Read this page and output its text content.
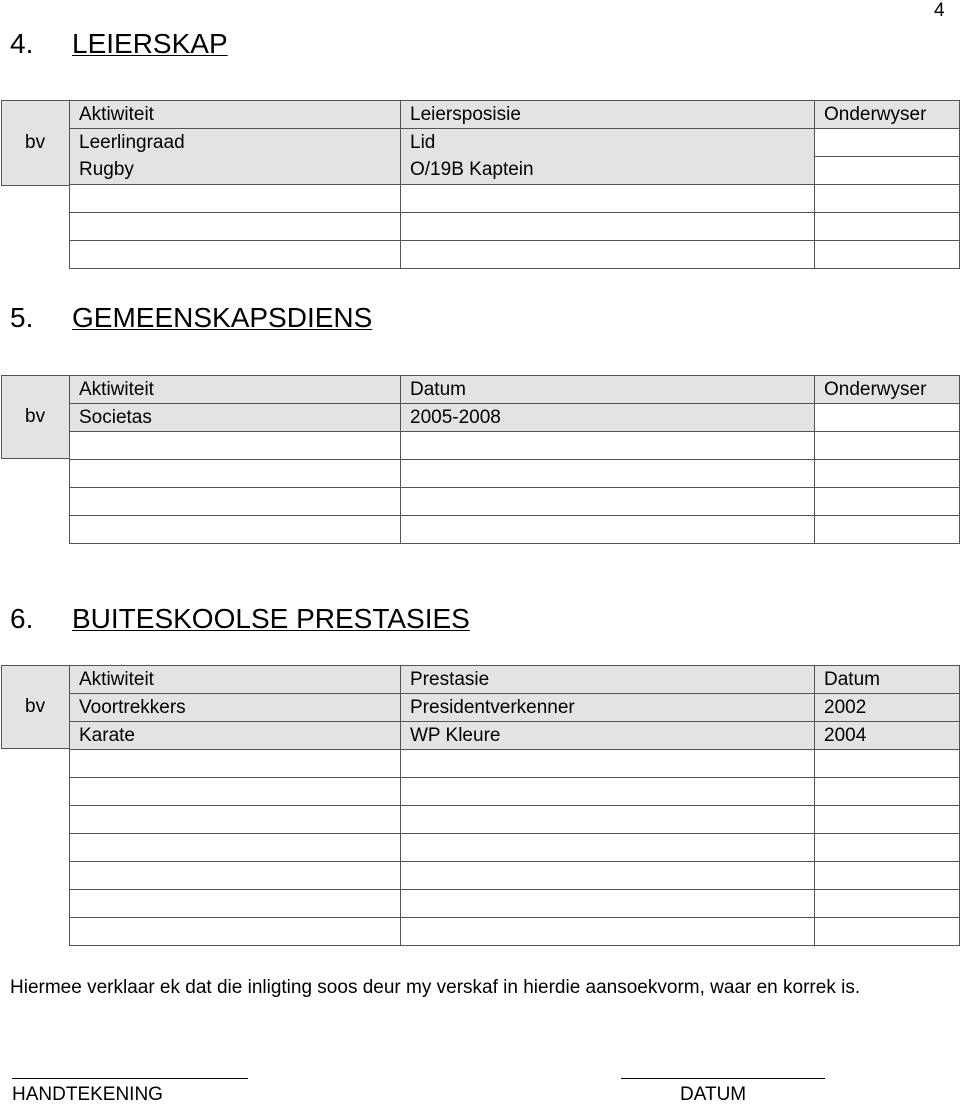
4
4. LEIERSKAP
bv
Aktiwiteit	Leiersposisie	Onderwyser
Leerlingraad	Lid	
Rugby	O/19B Kaptein	

5. GEMEENSKAPSDIENS
bv
Aktiwiteit	Datum	Onderwyser
Societas	2005-2008	

6. BUITESKOOLSE PRESTASIES
bv
Aktiwiteit	Prestasie	Datum
Voortrekkers	Presidentverkenner	2002
Karate	WP Kleure	2004

Hiermee verklaar ek dat die inligting soos deur my verskaf in hierdie aansoekvorm, waar en korrek is.
HANDTEKENING	DATUM
